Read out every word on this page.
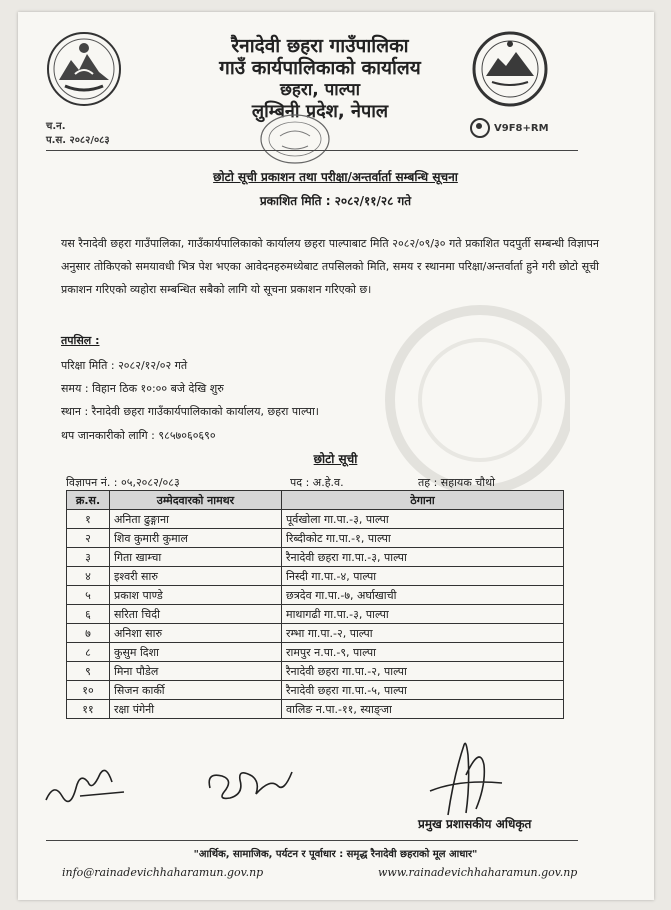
रैनादेवी छहरा गाउँपालिका
गाउँ कार्यपालिकाको कार्यालय
छहरा, पाल्पा
लुम्बिनी प्रदेश, नेपाल
च.न.
प.स. २०८२/०८३
V9F8+RM
छोटो सूची प्रकाशन तथा परीक्षा/अन्तर्वार्ता सम्बन्धि सूचना
प्रकाशित मिति : २०८२/११/२८ गते
यस रैनादेवी छहरा गाउँपालिका, गाउँकार्यपालिकाको कार्यालय छहरा पाल्पाबाट मिति २०८२/०९/३० गते प्रकाशित पदपुर्ती सम्बन्धी विज्ञापन अनुसार तोकिएको समयावधी भित्र पेश भएका आवेदनहरुमध्येबाट तपसिलको मिति, समय र स्थानमा परिक्षा/अन्तर्वार्ता हुने गरी छोटो सूची प्रकाशन गरिएको व्यहोरा सम्बन्धित सबैको लागि यो सूचना प्रकाशन गरिएको छ।
तपसिल :
परिक्षा मिति : २०८२/१२/०२ गते
समय : विहान ठिक १०:०० बजे देखि शुरु
स्थान : रैनादेवी छहरा गाउँकार्यपालिकाको कार्यालय, छहरा पाल्पा।
थप जानकारीको लागि : ९८५७०६०६९०
छोटो सूची
विज्ञापन नं. : ०५,२०८२/०८३	पद : अ.हे.व.	तह : सहायक चौथो
क्र.स.	उम्मेदवारको नामथर	ठेगाना
१	अनिता ढुङ्गाना	पूर्वखोला गा.पा.-३, पाल्पा
२	शिव कुमारी कुमाल	रिब्दीकोट गा.पा.-१, पाल्पा
३	गिता खाम्चा	रैनादेवी छहरा गा.पा.-३, पाल्पा
४	इश्वरी सारु	निस्दी गा.पा.-४, पाल्पा
५	प्रकाश पाण्डे	छत्रदेव गा.पा.-७, अर्घाखाची
६	सरिता चिदी	माथागढी गा.पा.-३, पाल्पा
७	अनिशा सारु	रम्भा गा.पा.-२, पाल्पा
८	कुसुम दिशा	रामपुर न.पा.-९, पाल्पा
९	मिना पौडेल	रैनादेवी छहरा गा.पा.-२, पाल्पा
१०	सिजन कार्की	रैनादेवी छहरा गा.पा.-५, पाल्पा
११	रक्षा पंगेनी	वालिङ न.पा.-११, स्याङ्जा
प्रमुख प्रशासकीय अधिकृत
"आर्थिक, सामाजिक, पर्यटन र पूर्वाधार : समृद्ध रैनादेवी छहराको मूल आधार"
info@rainadevichhaharamun.gov.np	www.rainadevichhaharamun.gov.np
